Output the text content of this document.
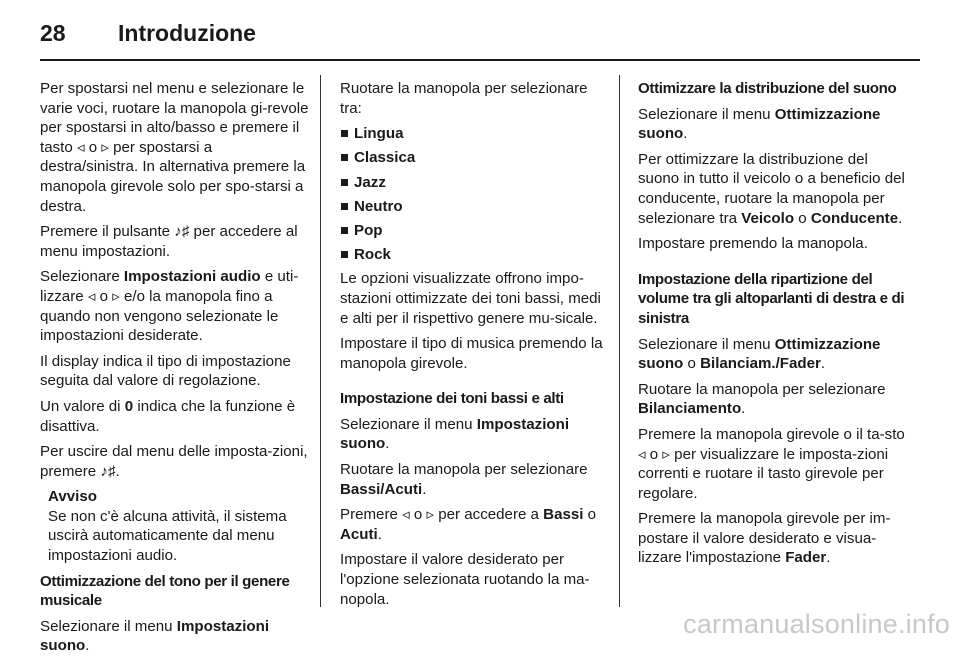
28 Introduzione

Per spostarsi nel menu e selezionare le varie voci, ruotare la manopola gi-revole per spostarsi in alto/basso e premere il tasto ◃ o ▹ per spostarsi a destra/sinistra. In alternativa premere la manopola girevole solo per spo-starsi a destra.

Premere il pulsante ♪♯ per accedere al menu impostazioni.

Selezionare Impostazioni audio e uti-lizzare ◃ o ▹ e/o la manopola fino a quando non vengono selezionate le impostazioni desiderate.

Il display indica il tipo di impostazione seguita dal valore di regolazione.

Un valore di 0 indica che la funzione è disattiva.

Per uscire dal menu delle imposta-zioni, premere ♪♯.

Avviso
Se non c'è alcuna attività, il sistema uscirà automaticamente dal menu impostazioni audio.

Ottimizzazione del tono per il genere musicale

Selezionare il menu Impostazioni suono.

Ruotare la manopola per selezionare tra:

Lingua
Classica
Jazz
Neutro
Pop
Rock

Le opzioni visualizzate offrono impo-stazioni ottimizzate dei toni bassi, medi e alti per il rispettivo genere mu-sicale.

Impostare il tipo di musica premendo la manopola girevole.

Impostazione dei toni bassi e alti

Selezionare il menu Impostazioni suono.

Ruotare la manopola per selezionare Bassi/Acuti.

Premere ◃ o ▹ per accedere a Bassi o Acuti.

Impostare il valore desiderato per l'opzione selezionata ruotando la ma-nopola.

Ottimizzare la distribuzione del suono

Selezionare il menu Ottimizzazione suono.

Per ottimizzare la distribuzione del suono in tutto il veicolo o a beneficio del conducente, ruotare la manopola per selezionare tra Veicolo o Conducente.

Impostare premendo la manopola.

Impostazione della ripartizione del volume tra gli altoparlanti di destra e di sinistra

Selezionare il menu Ottimizzazione suono o Bilanciam./Fader.

Ruotare la manopola per selezionare Bilanciamento.

Premere la manopola girevole o il ta-sto ◃ o ▹ per visualizzare le imposta-zioni correnti e ruotare il tasto girevole per regolare.

Premere la manopola girevole per im-postare il valore desiderato e visua-lizzare l'impostazione Fader.

carmanualsonline.info
